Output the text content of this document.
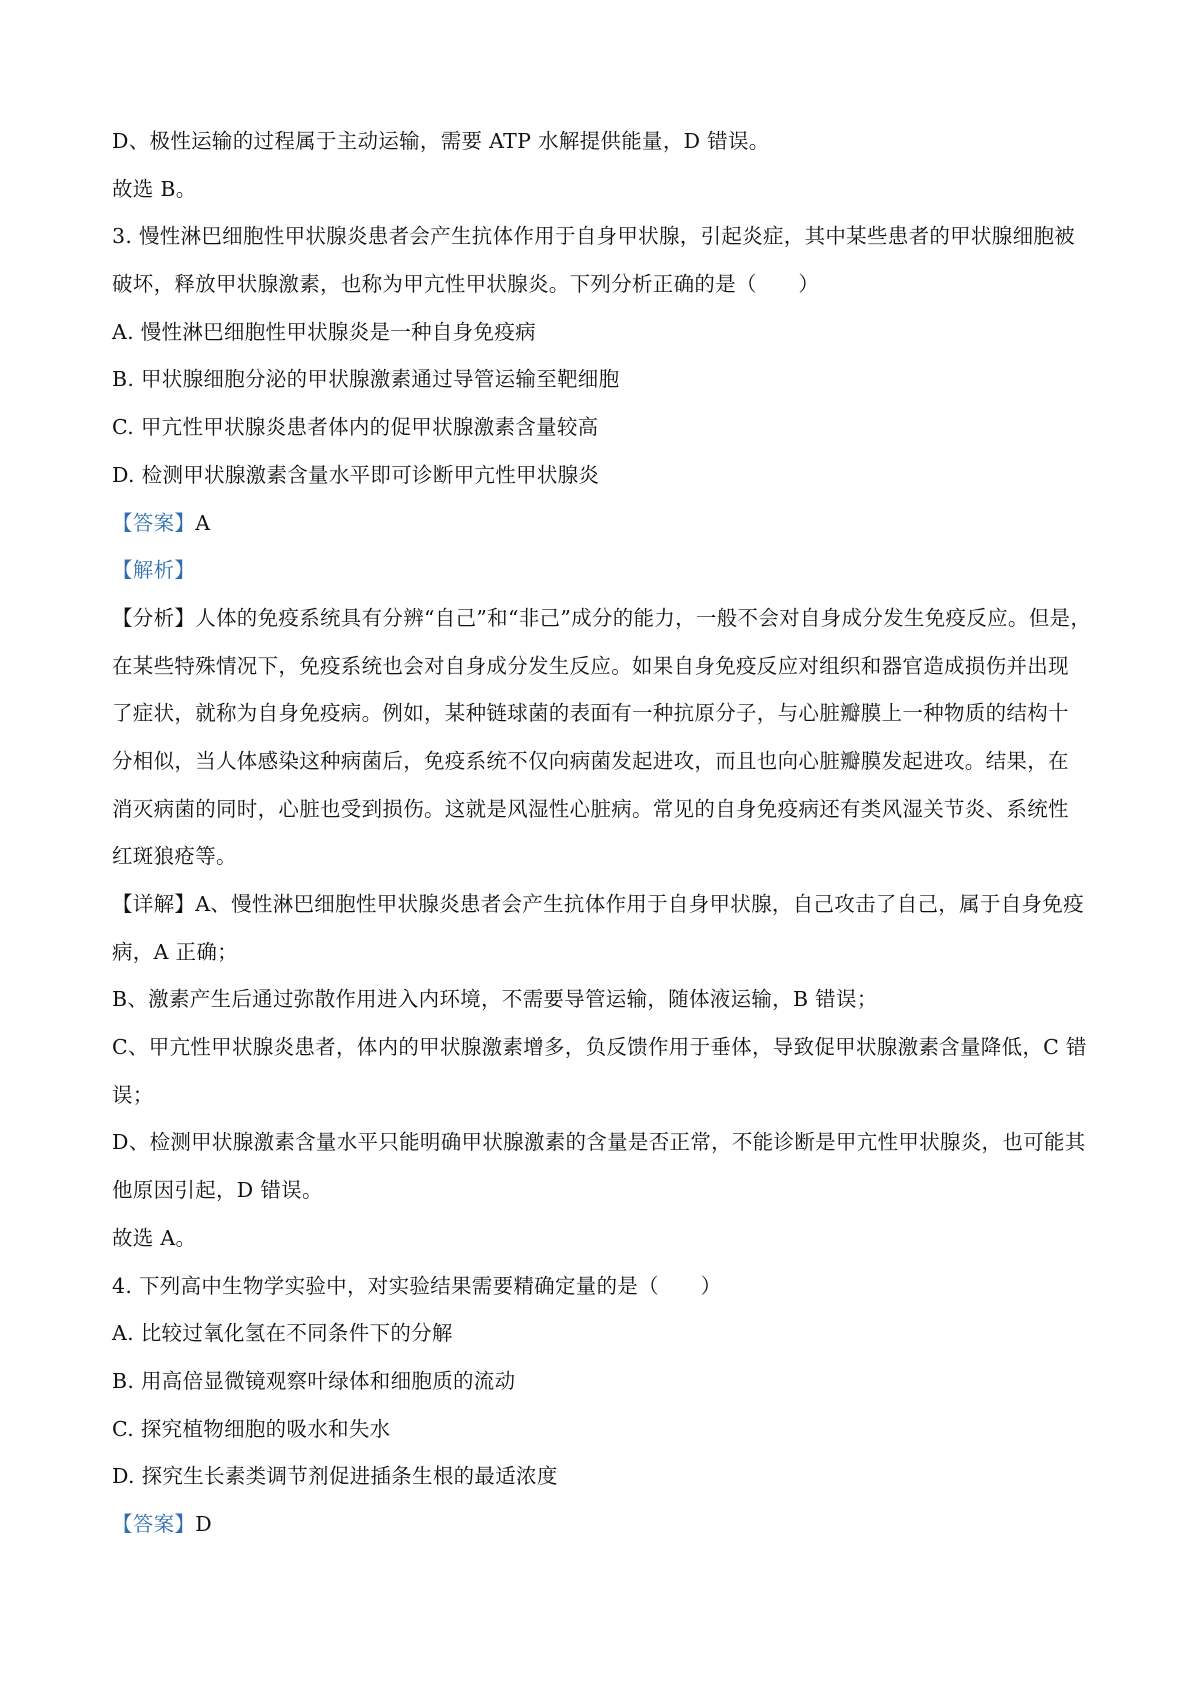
D、极性运输的过程属于主动运输，需要 ATP 水解提供能量，D 错误。
故选 B。
3. 慢性淋巴细胞性甲状腺炎患者会产生抗体作用于自身甲状腺，引起炎症，其中某些患者的甲状腺细胞被
破坏，释放甲状腺激素，也称为甲亢性甲状腺炎。下列分析正确的是（　　）
A. 慢性淋巴细胞性甲状腺炎是一种自身免疫病
B. 甲状腺细胞分泌的甲状腺激素通过导管运输至靶细胞
C. 甲亢性甲状腺炎患者体内的促甲状腺激素含量较高
D. 检测甲状腺激素含量水平即可诊断甲亢性甲状腺炎
【答案】A
【解析】
【分析】人体的免疫系统具有分辨“自己”和“非己”成分的能力，一般不会对自身成分发生免疫反应。但是，
在某些特殊情况下，免疫系统也会对自身成分发生反应。如果自身免疫反应对组织和器官造成损伤并出现
了症状，就称为自身免疫病。例如，某种链球菌的表面有一种抗原分子，与心脏瓣膜上一种物质的结构十
分相似，当人体感染这种病菌后，免疫系统不仅向病菌发起进攻，而且也向心脏瓣膜发起进攻。结果，在
消灭病菌的同时，心脏也受到损伤。这就是风湿性心脏病。常见的自身免疫病还有类风湿关节炎、系统性
红斑狼疮等。
【详解】A、慢性淋巴细胞性甲状腺炎患者会产生抗体作用于自身甲状腺，自己攻击了自己，属于自身免疫
病，A 正确；
B、激素产生后通过弥散作用进入内环境，不需要导管运输，随体液运输，B 错误；
C、甲亢性甲状腺炎患者，体内的甲状腺激素增多，负反馈作用于垂体，导致促甲状腺激素含量降低，C 错
误；
D、检测甲状腺激素含量水平只能明确甲状腺激素的含量是否正常，不能诊断是甲亢性甲状腺炎，也可能其
他原因引起，D 错误。
故选 A。
4. 下列高中生物学实验中，对实验结果需要精确定量的是（　　）
A. 比较过氧化氢在不同条件下的分解
B. 用高倍显微镜观察叶绿体和细胞质的流动
C. 探究植物细胞的吸水和失水
D. 探究生长素类调节剂促进插条生根的最适浓度
【答案】D
